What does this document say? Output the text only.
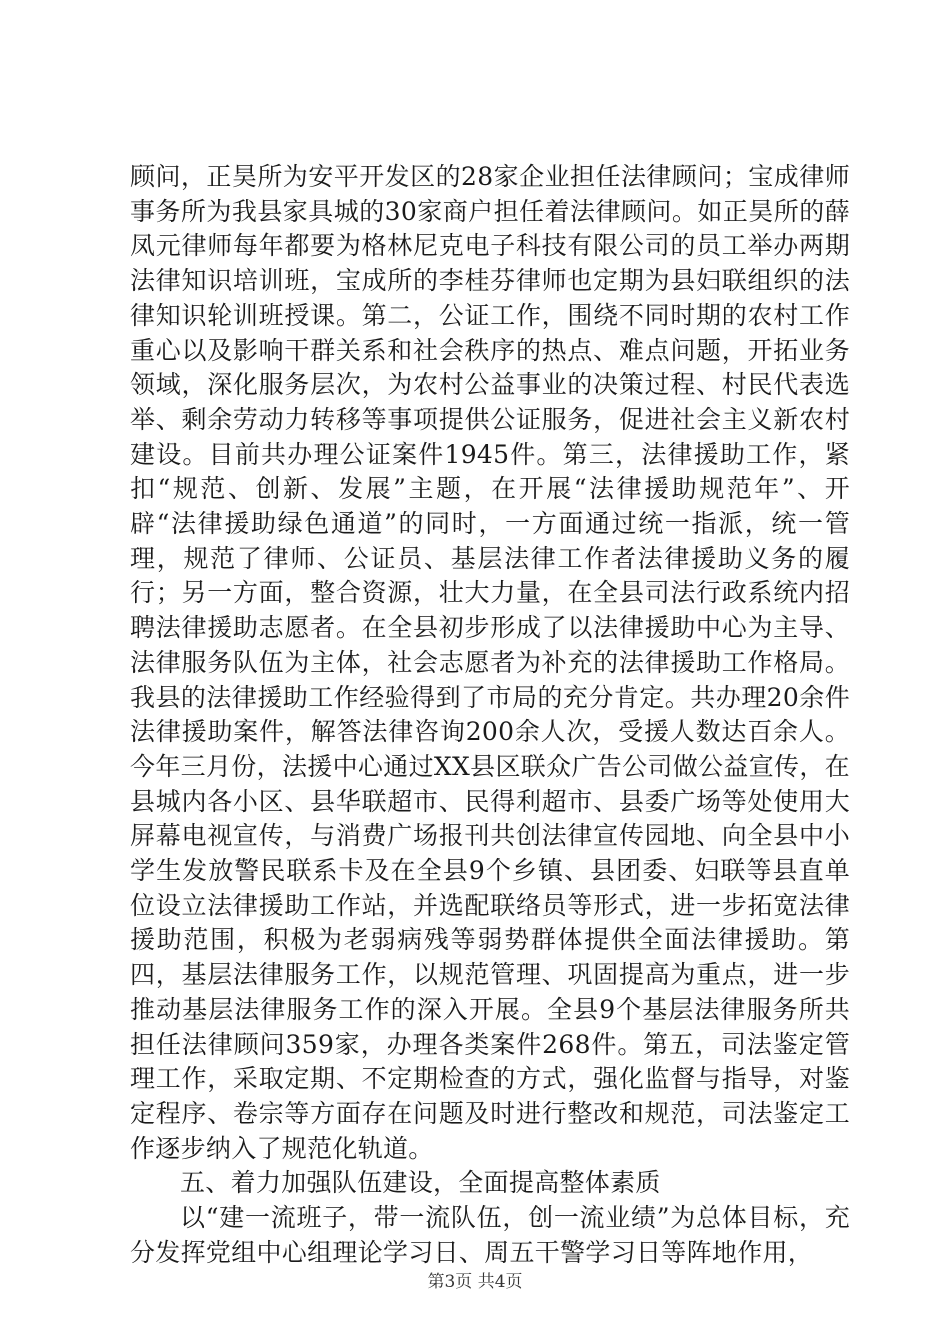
顾问，正昊所为安平开发区的28家企业担任法律顾问；宝成律师事务所为我县家具城的30家商户担任着法律顾问。如正昊所的薛凤元律师每年都要为格林尼克电子科技有限公司的员工举办两期法律知识培训班，宝成所的李桂芬律师也定期为县妇联组织的法律知识轮训班授课。第二，公证工作，围绕不同时期的农村工作重心以及影响干群关系和社会秩序的热点、难点问题，开拓业务领域，深化服务层次，为农村公益事业的决策过程、村民代表选举、剩余劳动力转移等事项提供公证服务，促进社会主义新农村建设。目前共办理公证案件1945件。第三，法律援助工作，紧扣“规范、创新、发展”主题，在开展“法律援助规范年”、开辟“法律援助绿色通道”的同时，一方面通过统一指派，统一管理，规范了律师、公证员、基层法律工作者法律援助义务的履行；另一方面，整合资源，壮大力量，在全县司法行政系统内招聘法律援助志愿者。在全县初步形成了以法律援助中心为主导、法律服务队伍为主体，社会志愿者为补充的法律援助工作格局。我县的法律援助工作经验得到了市局的充分肯定。共办理20余件法律援助案件，解答法律咨询200余人次，受援人数达百余人。今年三月份，法援中心通过XX县区联众广告公司做公益宣传，在县城内各小区、县华联超市、民得利超市、县委广场等处使用大屏幕电视宣传，与消费广场报刊共创法律宣传园地、向全县中小学生发放警民联系卡及在全县9个乡镇、县团委、妇联等县直单位设立法律援助工作站，并选配联络员等形式，进一步拓宽法律援助范围，积极为老弱病残等弱势群体提供全面法律援助。第四，基层法律服务工作，以规范管理、巩固提高为重点，进一步推动基层法律服务工作的深入开展。全县9个基层法律服务所共担任法律顾问359家，办理各类案件268件。第五，司法鉴定管理工作，采取定期、不定期检查的方式，强化监督与指导，对鉴定程序、卷宗等方面存在问题及时进行整改和规范，司法鉴定工作逐步纳入了规范化轨道。

五、着力加强队伍建设，全面提高整体素质

以“建一流班子，带一流队伍，创一流业绩”为总体目标，充分发挥党组中心组理论学习日、周五干警学习日等阵地作用，

第3页 共4页
